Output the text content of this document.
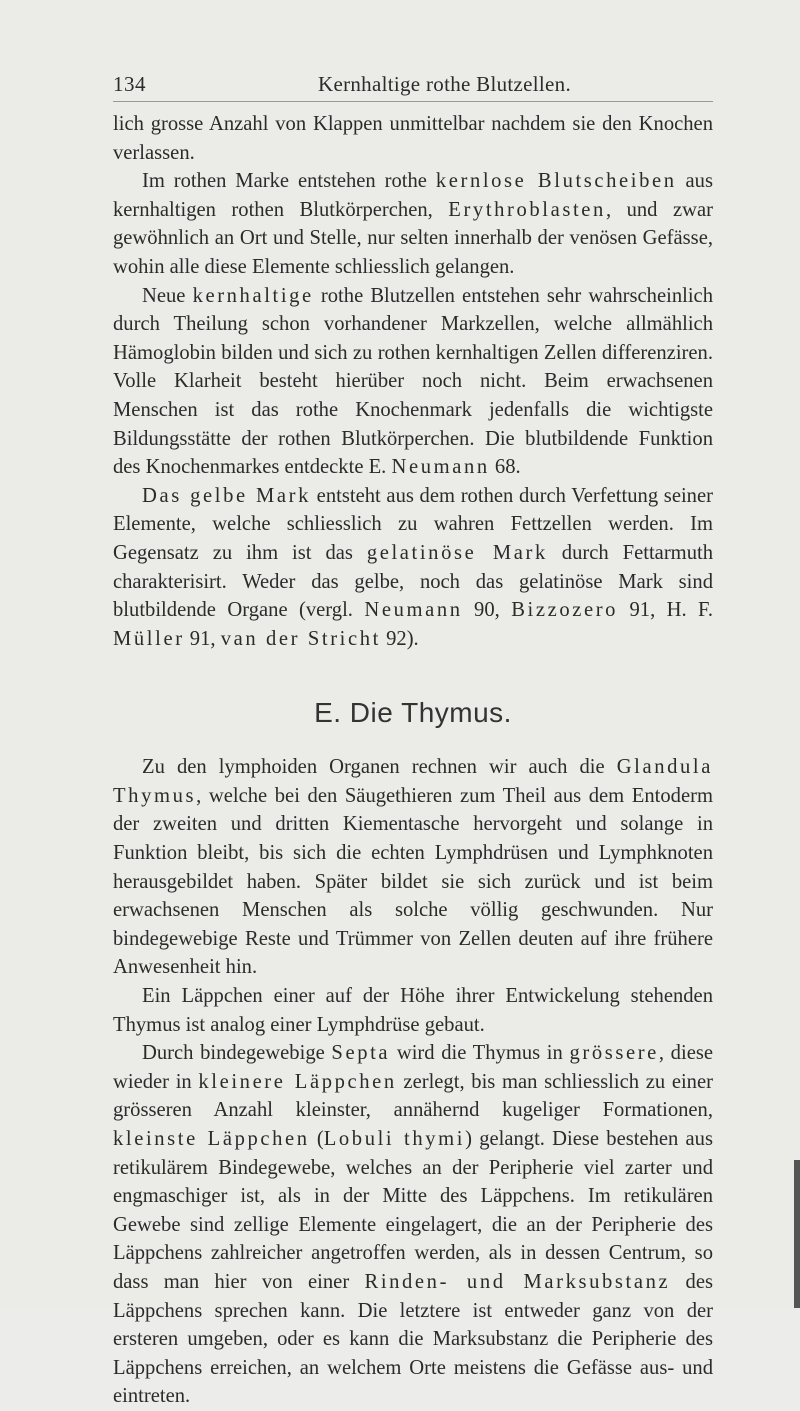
134	Kernhaltige rothe Blutzellen.

lich grosse Anzahl von Klappen unmittelbar nachdem sie den Knochen verlassen.

Im rothen Marke entstehen rothe kernlose Blutscheiben aus kernhaltigen rothen Blutkörperchen, Erythroblasten, und zwar gewöhnlich an Ort und Stelle, nur selten innerhalb der venösen Gefässe, wohin alle diese Elemente schliesslich gelangen.

Neue kernhaltige rothe Blutzellen entstehen sehr wahrscheinlich durch Theilung schon vorhandener Markzellen, welche allmählich Hämoglobin bilden und sich zu rothen kernhaltigen Zellen differenziren. Volle Klarheit besteht hierüber noch nicht. Beim erwachsenen Menschen ist das rothe Knochenmark jedenfalls die wichtigste Bildungsstätte der rothen Blutkörperchen. Die blutbildende Funktion des Knochenmarkes entdeckte E. Neumann 68.

Das gelbe Mark entsteht aus dem rothen durch Verfettung seiner Elemente, welche schliesslich zu wahren Fettzellen werden. Im Gegensatz zu ihm ist das gelatinöse Mark durch Fettarmuth charakterisirt. Weder das gelbe, noch das gelatinöse Mark sind blutbildende Organe (vergl. Neumann 90, Bizzozero 91, H. F. Müller 91, van der Stricht 92).

E. Die Thymus.

Zu den lymphoiden Organen rechnen wir auch die Glandula Thymus, welche bei den Säugethieren zum Theil aus dem Entoderm der zweiten und dritten Kiementasche hervorgeht und solange in Funktion bleibt, bis sich die echten Lymphdrüsen und Lymphknoten herausgebildet haben. Später bildet sie sich zurück und ist beim erwachsenen Menschen als solche völlig geschwunden. Nur bindegewebige Reste und Trümmer von Zellen deuten auf ihre frühere Anwesenheit hin.

Ein Läppchen einer auf der Höhe ihrer Entwickelung stehenden Thymus ist analog einer Lymphdrüse gebaut.

Durch bindegewebige Septa wird die Thymus in grössere, diese wieder in kleinere Läppchen zerlegt, bis man schliesslich zu einer grösseren Anzahl kleinster, annähernd kugeliger Formationen, kleinste Läppchen (Lobuli thymi) gelangt. Diese bestehen aus retikulärem Bindegewebe, welches an der Peripherie viel zarter und engmaschiger ist, als in der Mitte des Läppchens. Im retikulären Gewebe sind zellige Elemente eingelagert, die an der Peripherie des Läppchens zahlreicher angetroffen werden, als in dessen Centrum, so dass man hier von einer Rinden- und Marksubstanz des Läppchens sprechen kann. Die letztere ist entweder ganz von der ersteren umgeben, oder es kann die Marksubstanz die Peripherie des Läppchens erreichen, an welchem Orte meistens die Gefässe aus- und eintreten.
